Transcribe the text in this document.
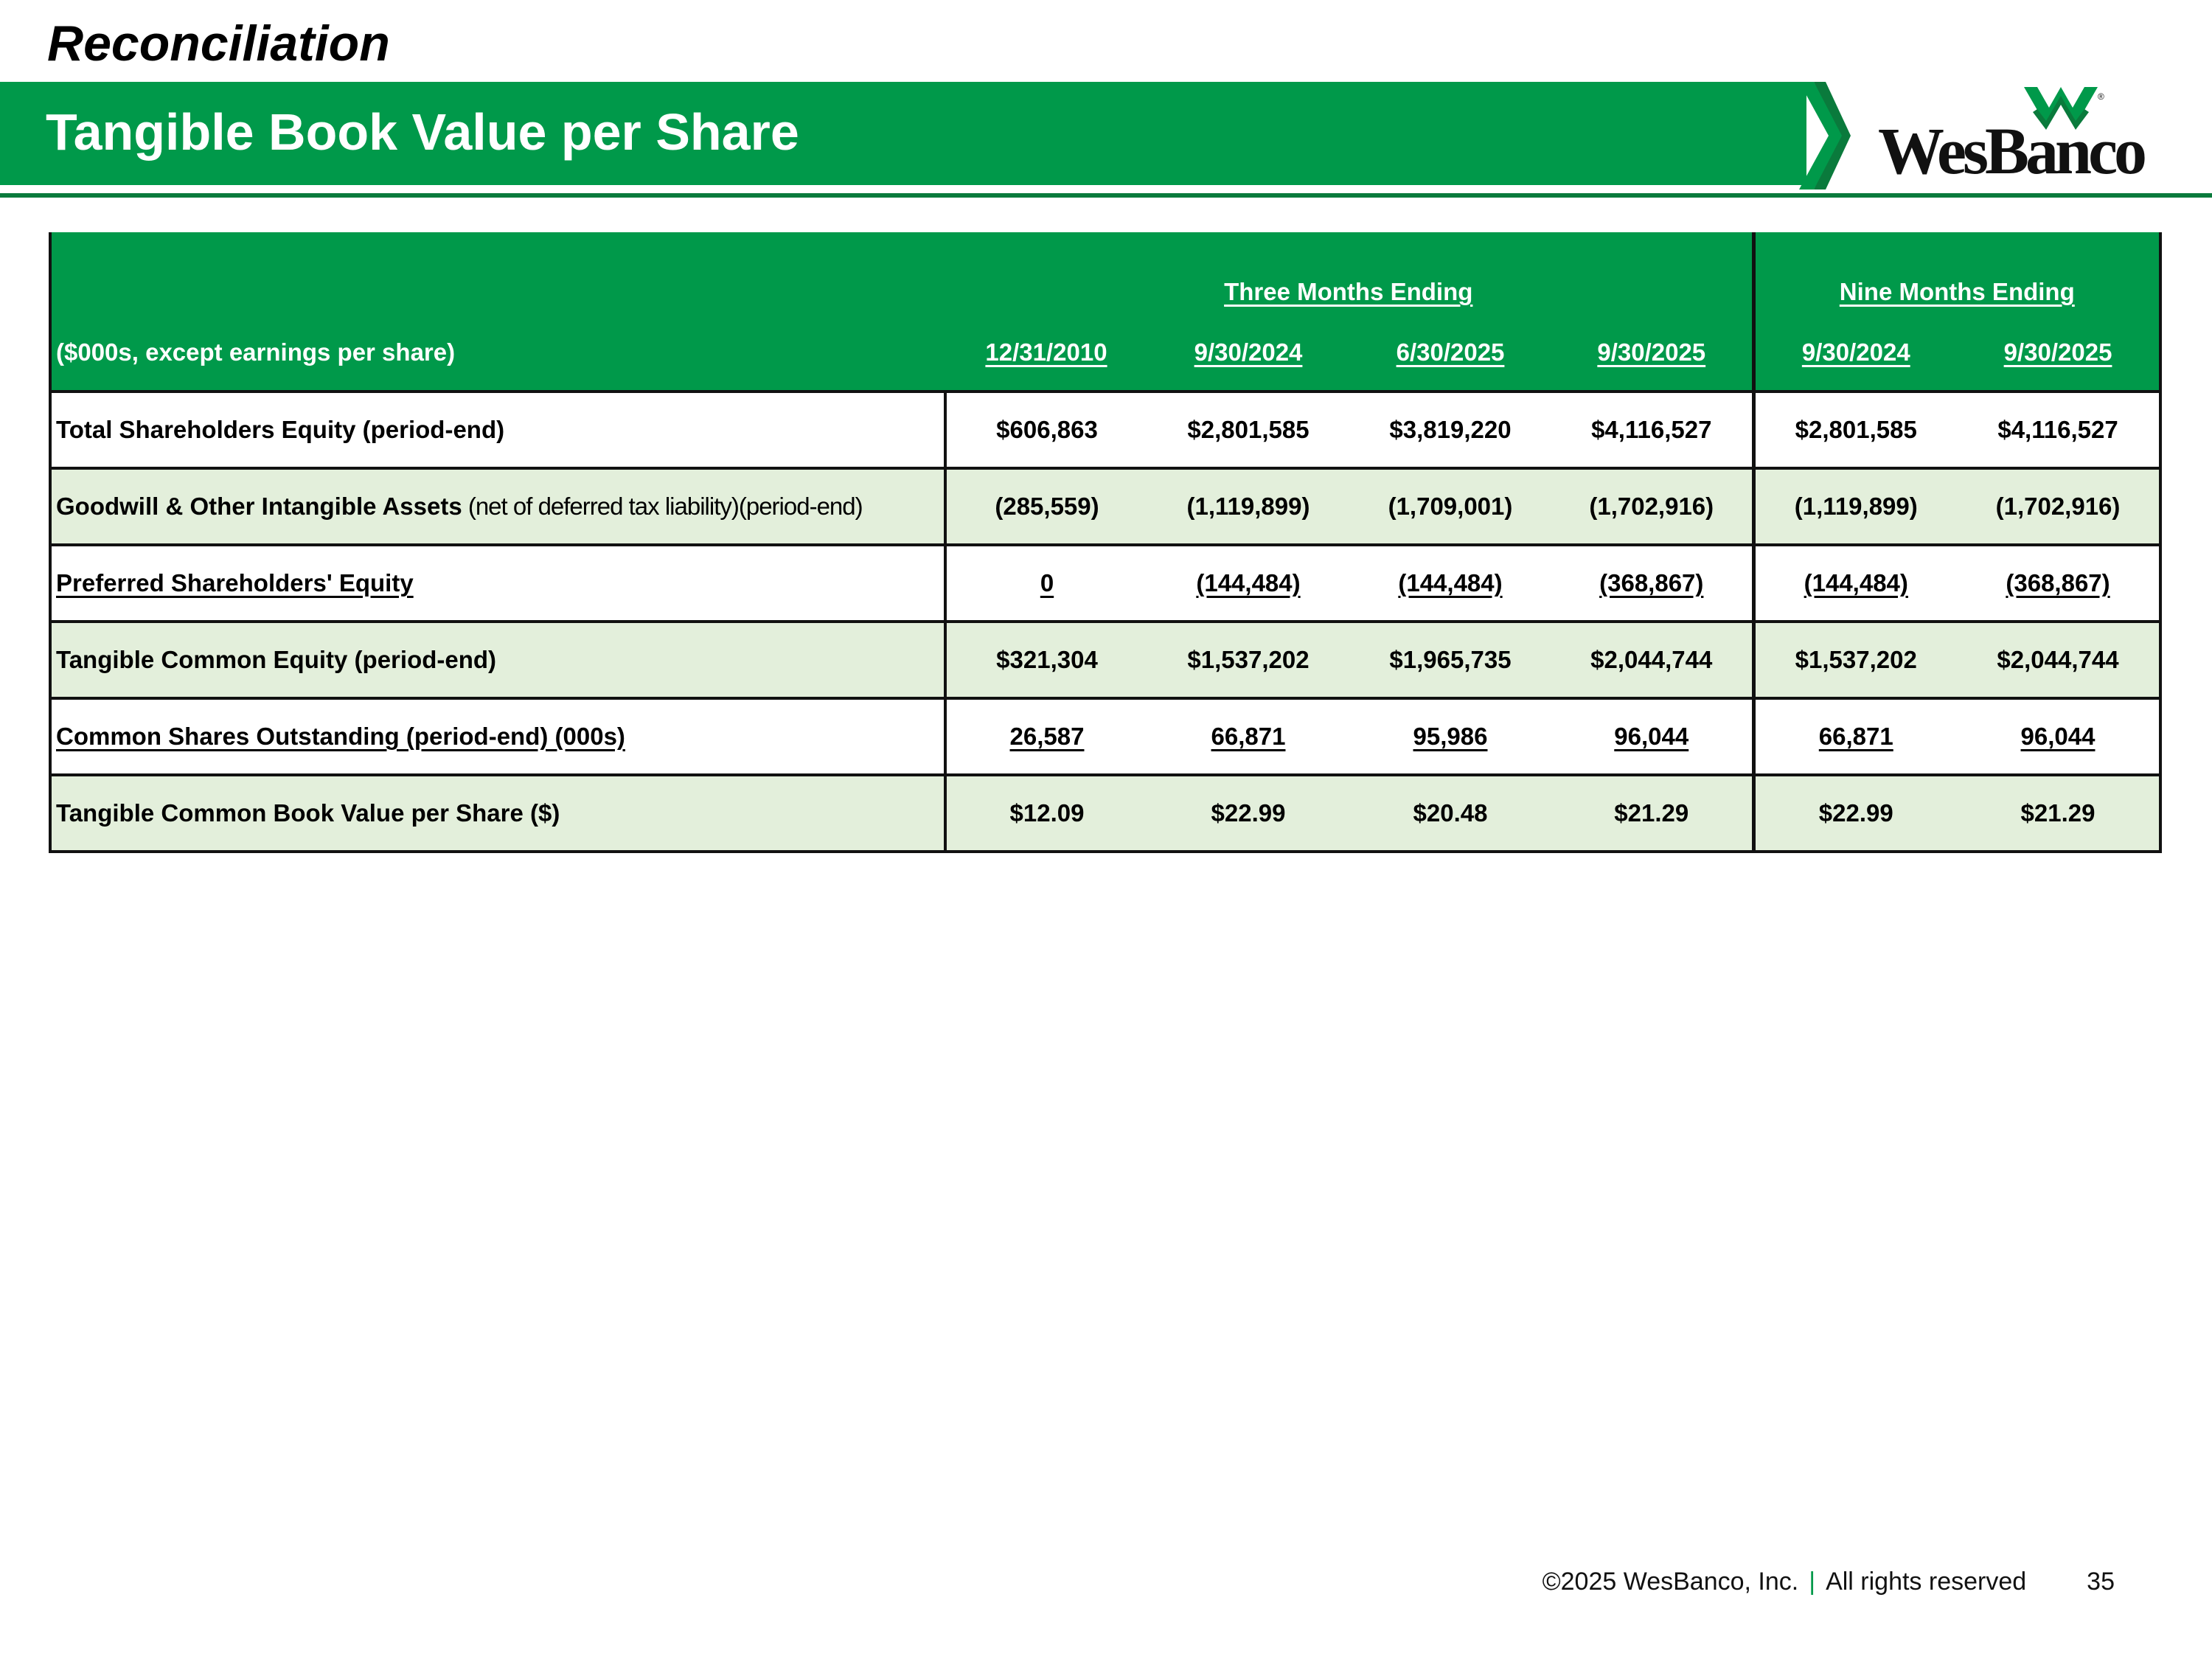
Reconciliation
Tangible Book Value per Share
®
WesBanco
	Three Months Ending				Nine Months Ending	
($000s, except earnings per share)	12/31/2010	9/30/2024	6/30/2025	9/30/2025	9/30/2024	9/30/2025
Total Shareholders Equity (period-end)	$606,863	$2,801,585	$3,819,220	$4,116,527	$2,801,585	$4,116,527
Goodwill & Other Intangible Assets (net of deferred tax liability)(period-end)	(285,559)	(1,119,899)	(1,709,001)	(1,702,916)	(1,119,899)	(1,702,916)
Preferred Shareholders' Equity	0	(144,484)	(144,484)	(368,867)	(144,484)	(368,867)
Tangible Common Equity (period-end)	$321,304	$1,537,202	$1,965,735	$2,044,744	$1,537,202	$2,044,744
Common Shares Outstanding (period-end) (000s)	26,587	66,871	95,986	96,044	66,871	96,044
Tangible Common Book Value per Share ($)	$12.09	$22.99	$20.48	$21.29	$22.99	$21.29
©2025 WesBanco, Inc. | All rights reserved 35
